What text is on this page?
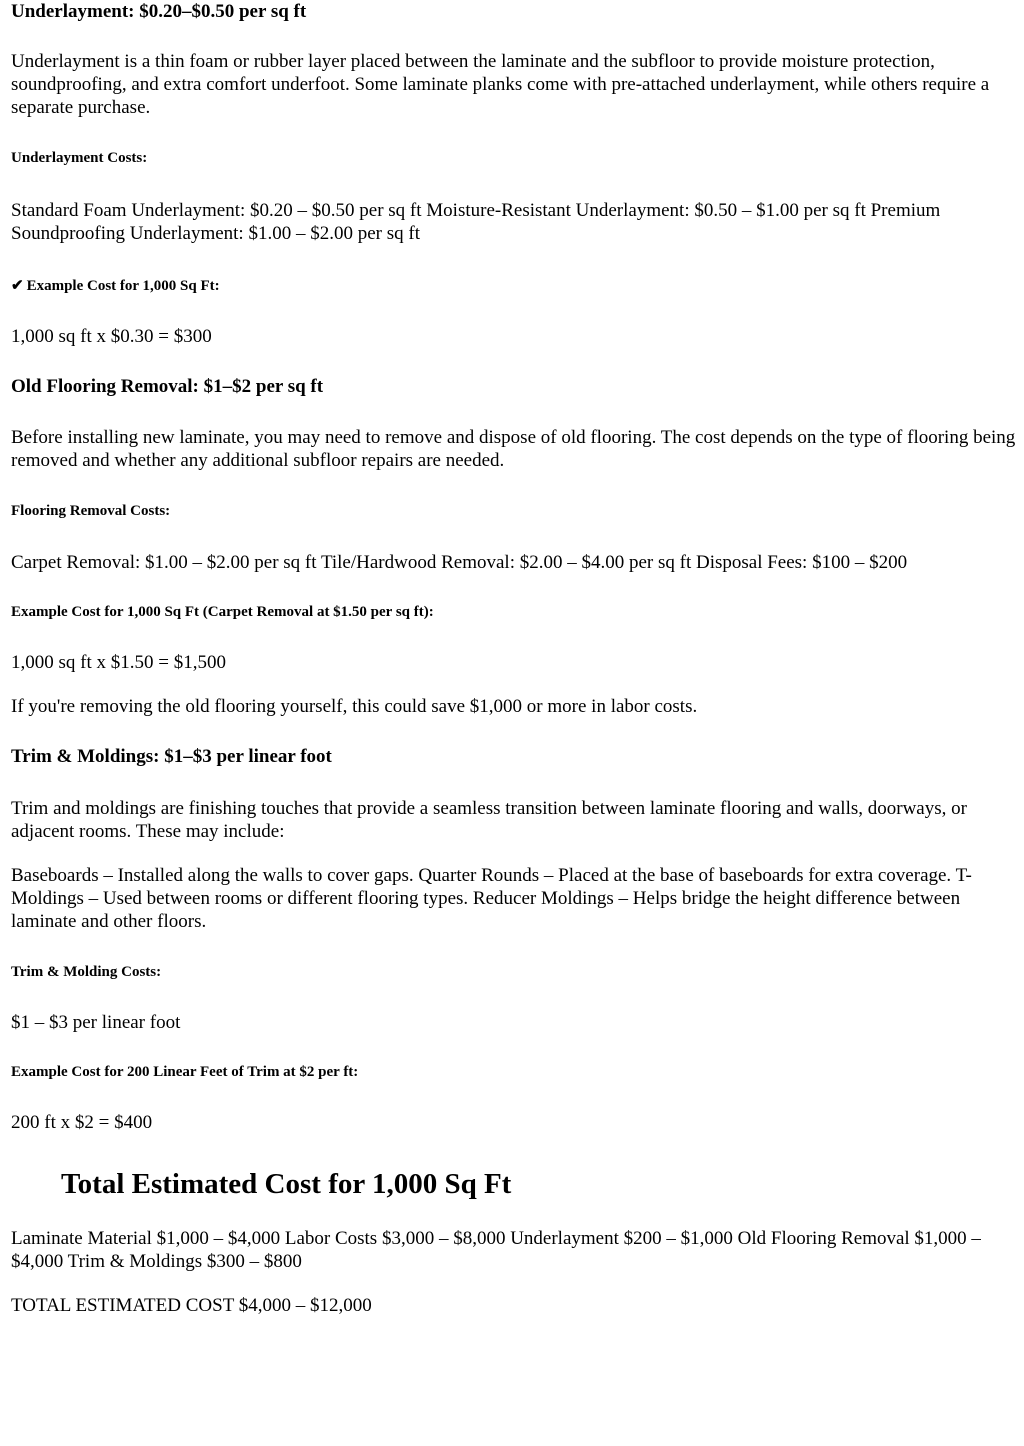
Underlayment: $0.20–$0.50 per sq ft

Underlayment is a thin foam or rubber layer placed between the laminate and the subfloor to provide moisture protection, soundproofing, and extra comfort underfoot. Some laminate planks come with pre-attached underlayment, while others require a separate purchase.

Underlayment Costs:

Standard Foam Underlayment: $0.20 – $0.50 per sq ft Moisture-Resistant Underlayment: $0.50 – $1.00 per sq ft Premium Soundproofing Underlayment: $1.00 – $2.00 per sq ft

✔ Example Cost for 1,000 Sq Ft:

1,000 sq ft x $0.30 = $300

Old Flooring Removal: $1–$2 per sq ft

Before installing new laminate, you may need to remove and dispose of old flooring. The cost depends on the type of flooring being removed and whether any additional subfloor repairs are needed.

Flooring Removal Costs:

Carpet Removal: $1.00 – $2.00 per sq ft Tile/Hardwood Removal: $2.00 – $4.00 per sq ft Disposal Fees: $100 – $200

Example Cost for 1,000 Sq Ft (Carpet Removal at $1.50 per sq ft):

1,000 sq ft x $1.50 = $1,500

If you're removing the old flooring yourself, this could save $1,000 or more in labor costs.

Trim & Moldings: $1–$3 per linear foot

Trim and moldings are finishing touches that provide a seamless transition between laminate flooring and walls, doorways, or adjacent rooms. These may include:

Baseboards – Installed along the walls to cover gaps. Quarter Rounds – Placed at the base of baseboards for extra coverage. T-Moldings – Used between rooms or different flooring types. Reducer Moldings – Helps bridge the height difference between laminate and other floors.

Trim & Molding Costs:

$1 – $3 per linear foot

Example Cost for 200 Linear Feet of Trim at $2 per ft:

200 ft x $2 = $400

Total Estimated Cost for 1,000 Sq Ft

Laminate Material $1,000 – $4,000 Labor Costs $3,000 – $8,000 Underlayment $200 – $1,000 Old Flooring Removal $1,000 – $4,000 Trim & Moldings $300 – $800

TOTAL ESTIMATED COST $4,000 – $12,000
